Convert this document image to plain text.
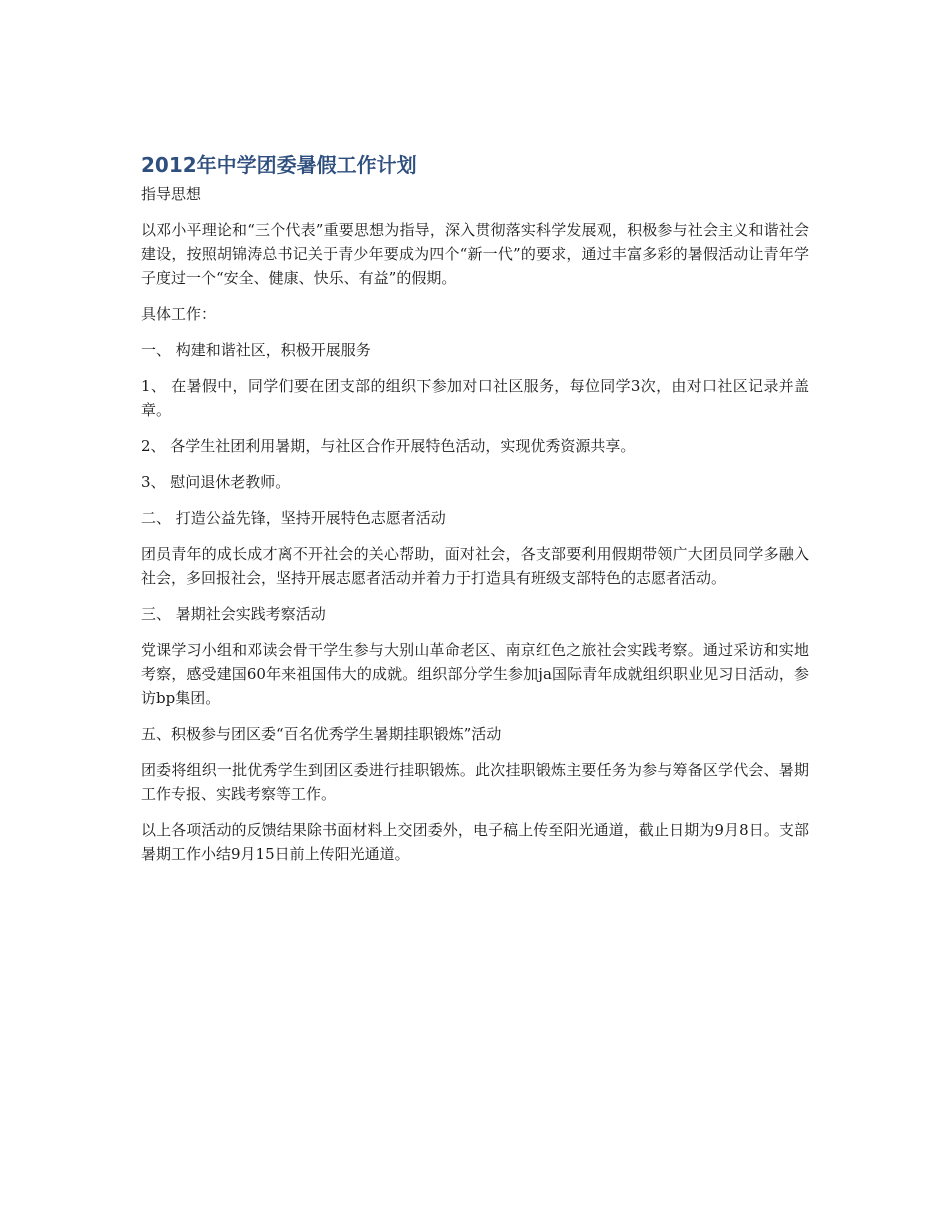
2012年中学团委暑假工作计划
指导思想

以邓小平理论和“三个代表”重要思想为指导，深入贯彻落实科学发展观，积极参与社会主义和谐社会建设，按照胡锦涛总书记关于青少年要成为四个“新一代”的要求，通过丰富多彩的暑假活动让青年学子度过一个“安全、健康、快乐、有益”的假期。

具体工作：

一、 构建和谐社区，积极开展服务

1、 在暑假中，同学们要在团支部的组织下参加对口社区服务，每位同学3次，由对口社区记录并盖章。

2、 各学生社团利用暑期，与社区合作开展特色活动，实现优秀资源共享。

3、 慰问退休老教师。

二、 打造公益先锋，坚持开展特色志愿者活动

团员青年的成长成才离不开社会的关心帮助，面对社会，各支部要利用假期带领广大团员同学多融入社会，多回报社会，坚持开展志愿者活动并着力于打造具有班级支部特色的志愿者活动。

三、 暑期社会实践考察活动

党课学习小组和邓读会骨干学生参与大别山革命老区、南京红色之旅社会实践考察。通过采访和实地考察，感受建国60年来祖国伟大的成就。组织部分学生参加ja国际青年成就组织职业见习日活动，参访bp集团。

五、积极参与团区委“百名优秀学生暑期挂职锻炼”活动

团委将组织一批优秀学生到团区委进行挂职锻炼。此次挂职锻炼主要任务为参与筹备区学代会、暑期工作专报、实践考察等工作。

以上各项活动的反馈结果除书面材料上交团委外，电子稿上传至阳光通道，截止日期为9月8日。支部暑期工作小结9月15日前上传阳光通道。
